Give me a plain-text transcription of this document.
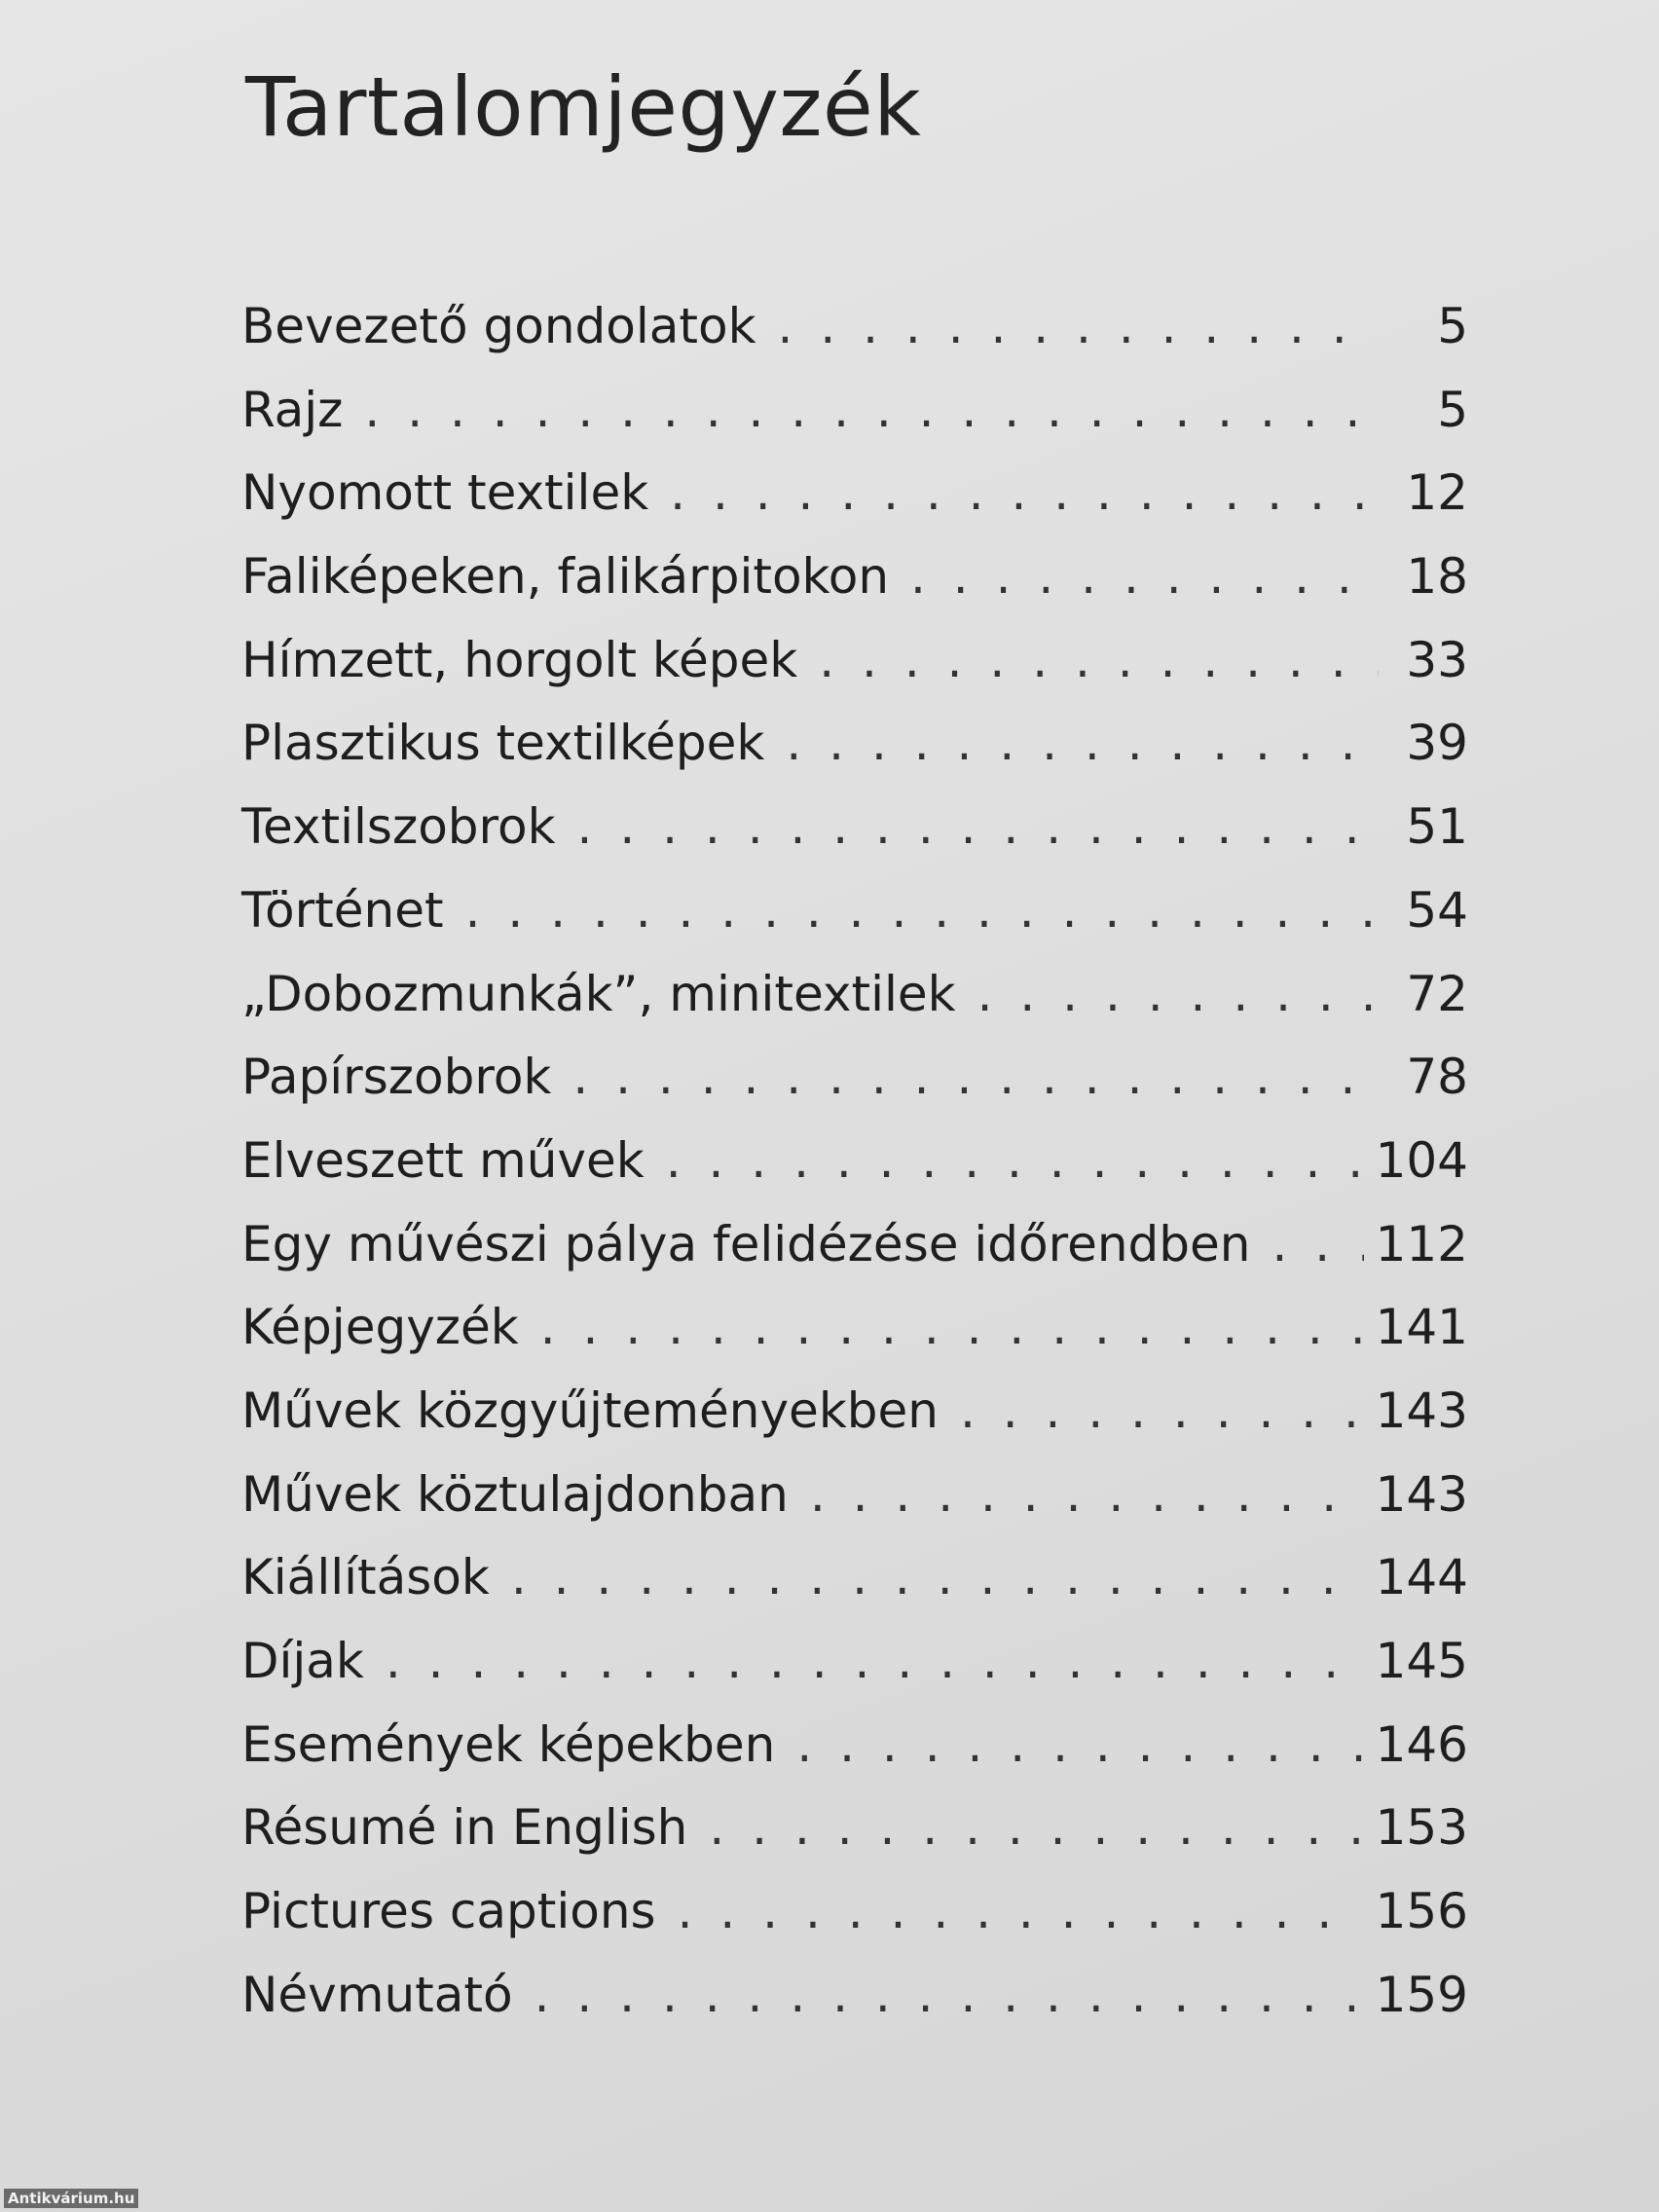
Tartalomjegyzék
Bevezető gondolatok . . .	5
Rajz . . .	5
Nyomott textilek . . .	12
Faliképeken, falikárpitokon . . .	18
Hímzett, horgolt képek . . .	33
Plasztikus textilképek . . .	39
Textilszobrok . . .	51
Történet . . .	54
„Dobozmunkák”, minitextilek . . .	72
Papírszobrok . . .	78
Elveszett művek . . .	104
Egy művészi pálya felidézése időrendben . . .	112
Képjegyzék . . .	141
Művek közgyűjteményekben . . .	143
Művek köztulajdonban . . .	143
Kiállítások . . .	144
Díjak . . .	145
Események képekben . . .	146
Résumé in English . . .	153
Pictures captions . . .	156
Névmutató . . .	159
Antikvárium.hu
